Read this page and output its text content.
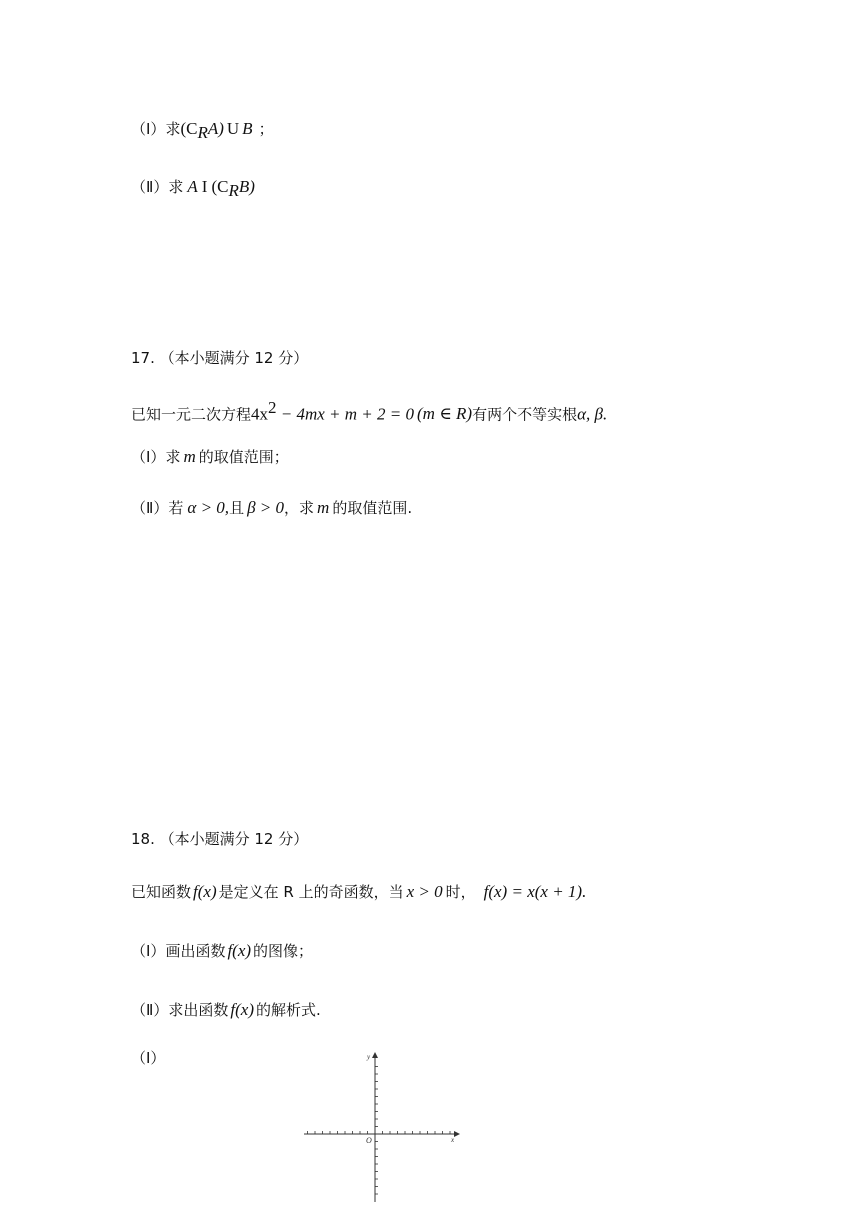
（Ⅰ）求$(C_RA)$ U B ；
（Ⅱ）求 A I $(C_RB)$
17. （本小题满分 12 分）
已知一元二次方程$4x^2 - 4mx + m + 2 = 0$ (m ∈ R)有两个不等实根α, β.
（Ⅰ）求 m 的取值范围；
（Ⅱ）若 α > 0,且 β > 0，求 m 的取值范围.
18. （本小题满分 12 分）
已知函数 f(x) 是定义在 R 上的奇函数，当 x > 0 时， f(x) = x(x + 1).
（Ⅰ）画出函数 f(x) 的图像；
（Ⅱ）求出函数 f(x) 的解析式.
（Ⅰ）
x
y
O
